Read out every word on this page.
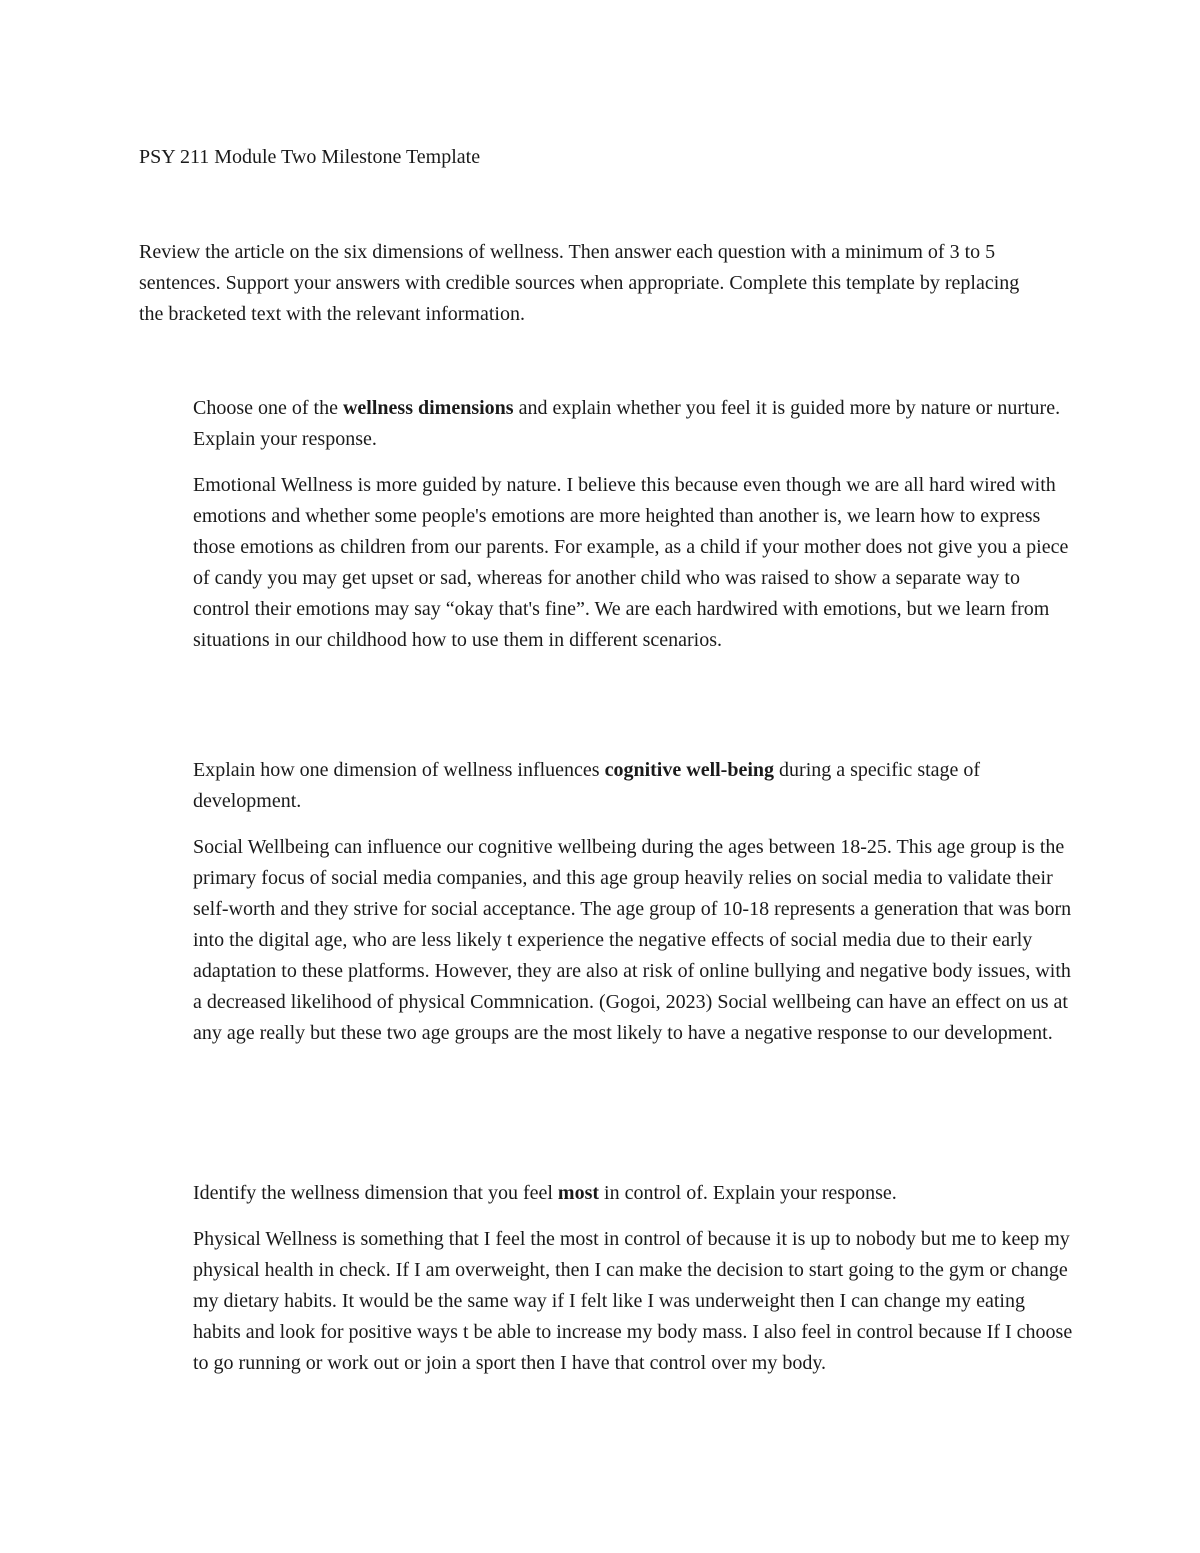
PSY 211 Module Two Milestone Template

Review the article on the six dimensions of wellness. Then answer each question with a minimum of 3 to 5 sentences. Support your answers with credible sources when appropriate. Complete this template by replacing the bracketed text with the relevant information.

Choose one of the wellness dimensions and explain whether you feel it is guided more by nature or nurture. Explain your response.

Emotional Wellness is more guided by nature. I believe this because even though we are all hard wired with emotions and whether some people's emotions are more heighted than another is, we learn how to express those emotions as children from our parents. For example, as a child if your mother does not give you a piece of candy you may get upset or sad, whereas for another child who was raised to show a separate way to control their emotions may say “okay that's fine”. We are each hardwired with emotions, but we learn from situations in our childhood how to use them in different scenarios.

Explain how one dimension of wellness influences cognitive well-being during a specific stage of development.

Social Wellbeing can influence our cognitive wellbeing during the ages between 18-25. This age group is the primary focus of social media companies, and this age group heavily relies on social media to validate their self-worth and they strive for social acceptance. The age group of 10-18 represents a generation that was born into the digital age, who are less likely t experience the negative effects of social media due to their early adaptation to these platforms. However, they are also at risk of online bullying and negative body issues, with a decreased likelihood of physical Commnication. (Gogoi, 2023) Social wellbeing can have an effect on us at any age really but these two age groups are the most likely to have a negative response to our development.

Identify the wellness dimension that you feel most in control of. Explain your response.

Physical Wellness is something that I feel the most in control of because it is up to nobody but me to keep my physical health in check. If I am overweight, then I can make the decision to start going to the gym or change my dietary habits. It would be the same way if I felt like I was underweight then I can change my eating habits and look for positive ways t be able to increase my body mass. I also feel in control because If I choose to go running or work out or join a sport then I have that control over my body.
